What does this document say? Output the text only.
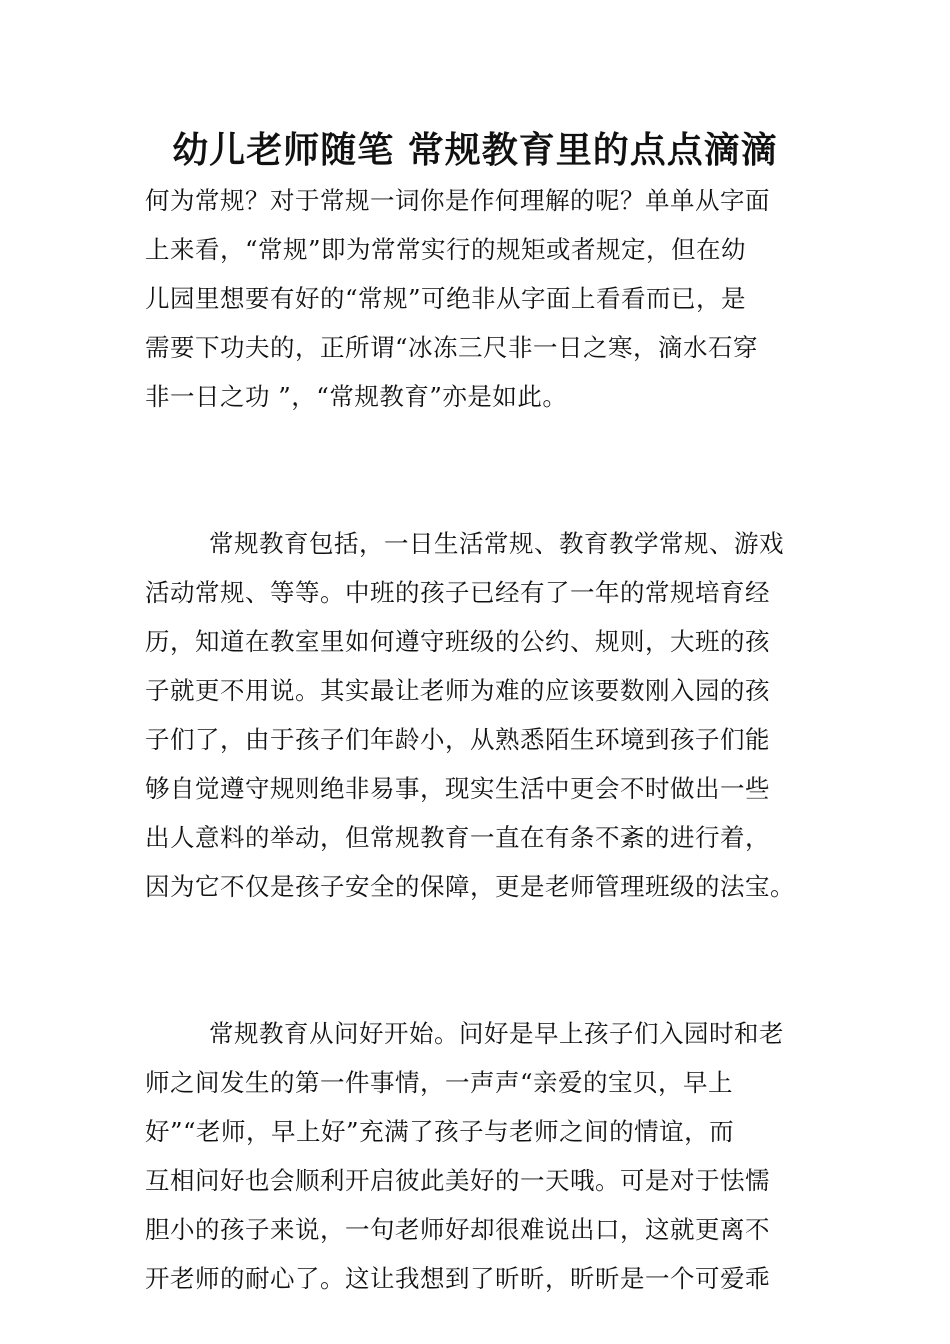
幼儿老师随笔 常规教育里的点点滴滴
何为常规？对于常规一词你是作何理解的呢？单单从字面
上来看，“常规”即为常常实行的规矩或者规定，但在幼
儿园里想要有好的“常规”可绝非从字面上看看而已，是
需要下功夫的，正所谓“冰冻三尺非一日之寒，滴水石穿
非一日之功 ”，“常规教育”亦是如此。
常规教育包括，一日生活常规、教育教学常规、游戏
活动常规、等等。中班的孩子已经有了一年的常规培育经
历，知道在教室里如何遵守班级的公约、规则，大班的孩
子就更不用说。其实最让老师为难的应该要数刚入园的孩
子们了，由于孩子们年龄小，从熟悉陌生环境到孩子们能
够自觉遵守规则绝非易事，现实生活中更会不时做出一些
出人意料的举动，但常规教育一直在有条不紊的进行着，
因为它不仅是孩子安全的保障，更是老师管理班级的法宝。
常规教育从问好开始。问好是早上孩子们入园时和老
师之间发生的第一件事情，一声声“亲爱的宝贝，早上
好”“老师，早上好”充满了孩子与老师之间的情谊，而
互相问好也会顺利开启彼此美好的一天哦。可是对于怯懦
胆小的孩子来说，一句老师好却很难说出口，这就更离不
开老师的耐心了。这让我想到了昕昕，昕昕是一个可爱乖
